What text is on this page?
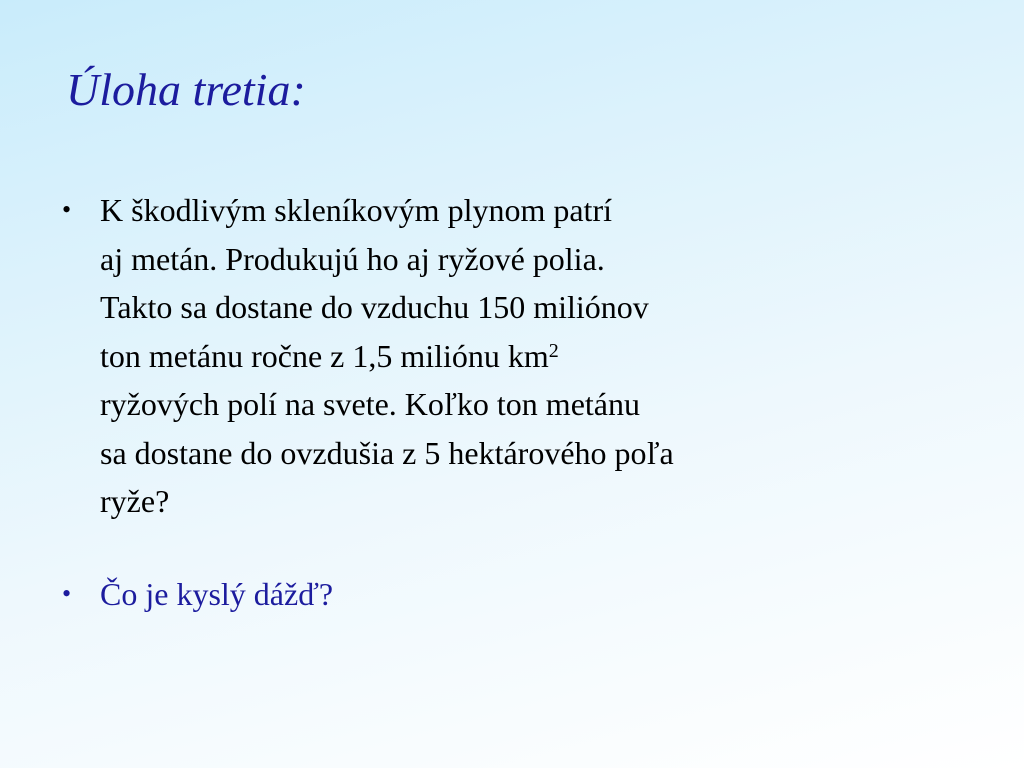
Úloha tretia:
• K škodlivým skleníkovým plynom patrí
aj metán. Produkujú ho aj ryžové polia.
Takto sa dostane do vzduchu 150 miliónov
ton metánu ročne z 1,5 miliónu $km^2$
ryžových polí na svete. Koľko ton metánu
sa dostane do ovzdušia z 5 hektárového poľa
ryže?
• Čo je kyslý dážď?
